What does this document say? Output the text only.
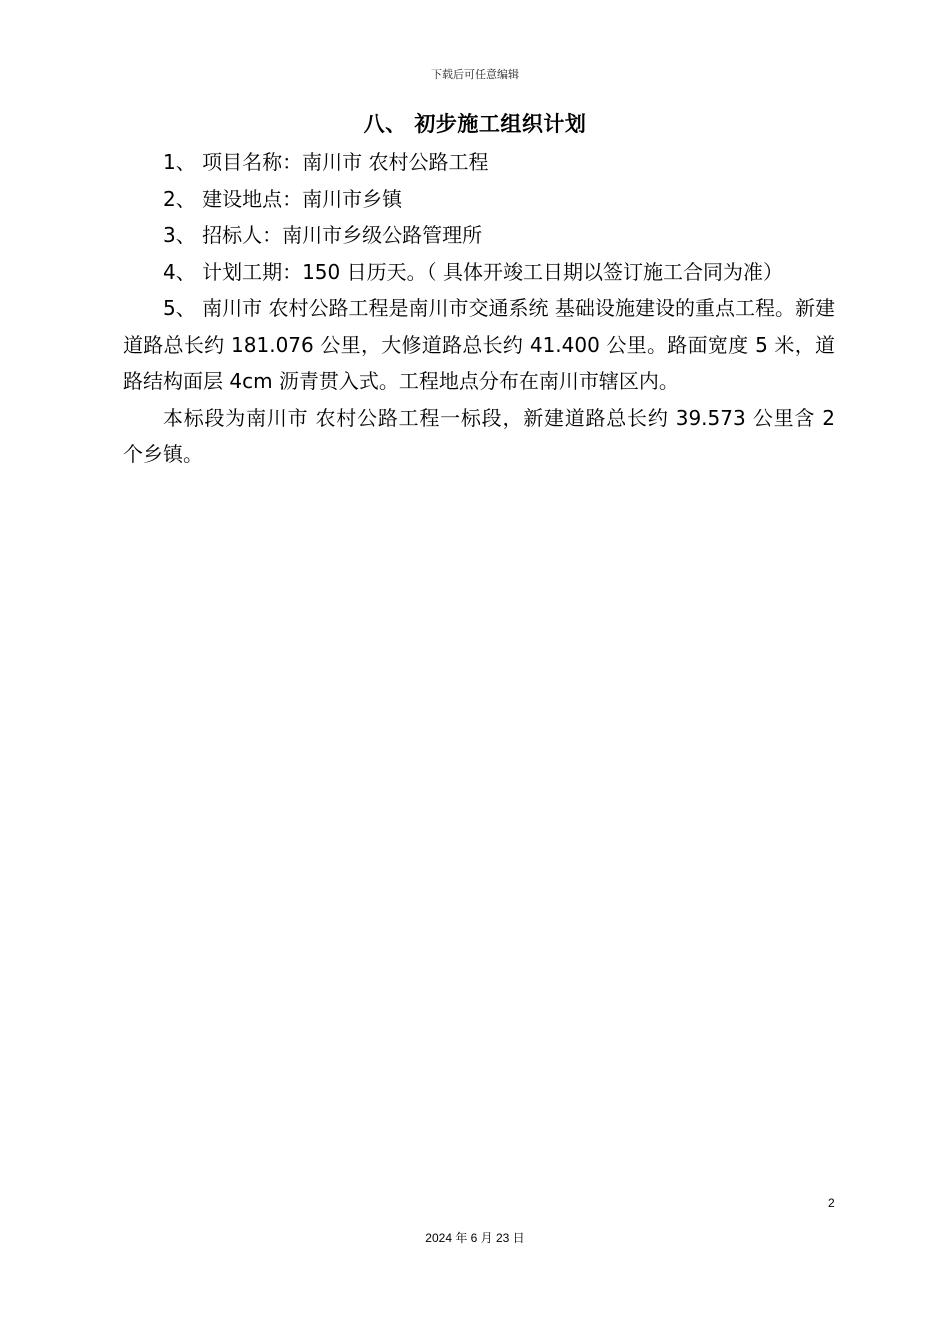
下载后可任意编辑
八、 初步施工组织计划

1、 项目名称：南川市 农村公路工程

2、 建设地点：南川市乡镇

3、 招标人：南川市乡级公路管理所

4、 计划工期：150 日历天。（ 具体开竣工日期以签订施工合同为准）

5、 南川市 农村公路工程是南川市交通系统 基础设施建设的重点工程。新建道路总长约 181.076 公里，大修道路总长约 41.400 公里。路面宽度 5 米，道路结构面层 4cm 沥青贯入式。工程地点分布在南川市辖区内。

本标段为南川市 农村公路工程一标段，新建道路总长约 39.573 公里含 2 个乡镇。

2
2024 年 6 月 23 日
